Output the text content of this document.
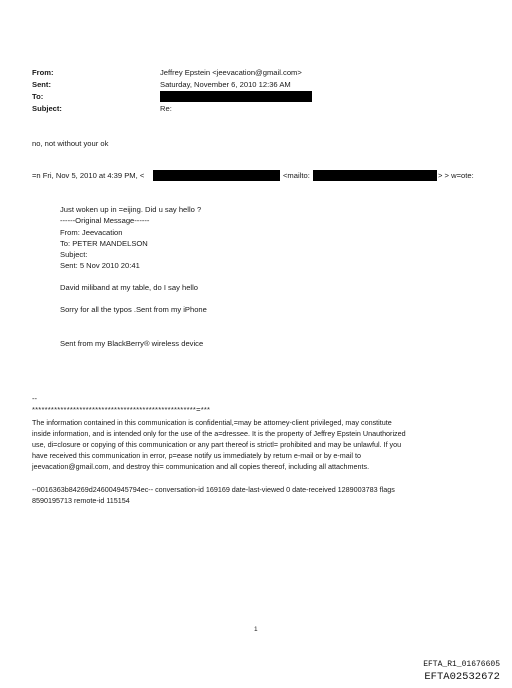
From:
Sent:
To:
Subject:
Jeffrey Epstein <jeevacation@gmail.com>
Saturday, November 6, 2010 12:36 AM
Re:
no, not without your ok
=n Fri, Nov 5, 2010 at 4:39 PM, <	<mailto:	> > w=ote:
Just woken up in =eijing. Did u say hello ?
------Original Message------
From: Jeevacation
To: PETER MANDELSON
Subject:
Sent: 5 Nov 2010 20:41
David miliband at my table, do I say hello
Sorry for all the typos .Sent from my iPhone
Sent from my BlackBerry® wireless device
--
****************************************************=***
The information contained in this communication is confidential,=may be attorney-client privileged, may constitute
inside information, and is intended only for the use of the a=dressee. It is the property of Jeffrey Epstein Unauthorized
use, di=closure or copying of this communication or any part thereof is strictl= prohibited and may be unlawful. If you
have received this communication in error, p=ease notify us immediately by return e-mail or by e-mail to
jeevacation@gmail.com, and destroy thi= communication and all copies thereof, including all attachments.
--0016363b84269d246004945794ec-- conversation-id 169169 date-last-viewed 0 date-received 1289003783 flags
8590195713 remote-id 115154
1
EFTA_R1_01676605
EFTA02532672
